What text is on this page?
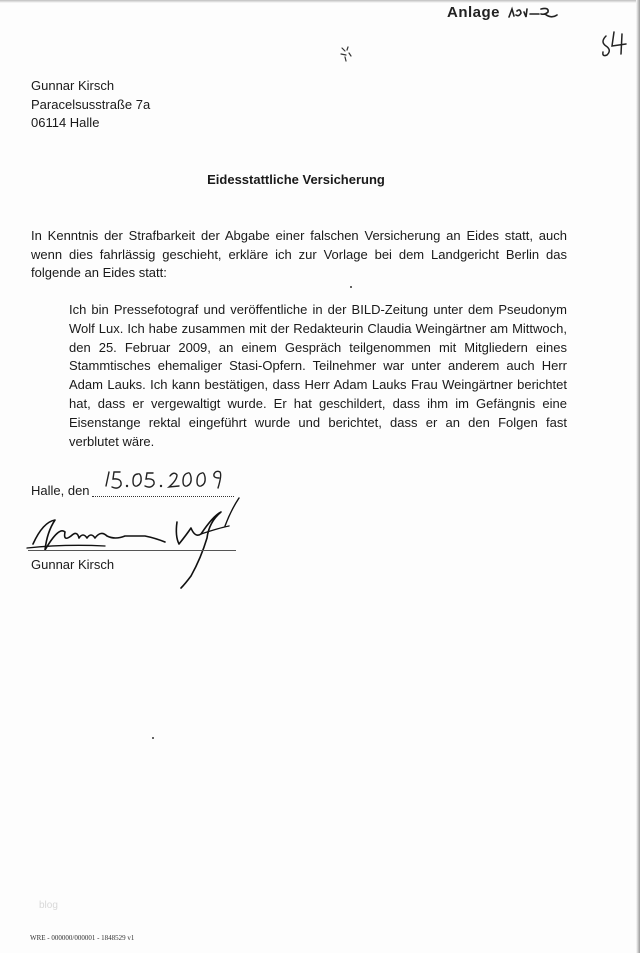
Anlage
Gunnar Kirsch
Paracelsusstraße 7a
06114 Halle
Eidesstattliche Versicherung
In Kenntnis der Strafbarkeit der Abgabe einer falschen Versicherung an Eides statt, auch wenn dies fahrlässig geschieht, erkläre ich zur Vorlage bei dem Landgericht Berlin das folgende an Eides statt:
Ich bin Pressefotograf und veröffentliche in der BILD-Zeitung unter dem Pseudonym Wolf Lux. Ich habe zusammen mit der Redakteurin Claudia Weingärtner am Mittwoch, den 25. Februar 2009, an einem Gespräch teilgenommen mit Mitgliedern eines Stammtisches ehemaliger Stasi-Opfern. Teilnehmer war unter anderem auch Herr Adam Lauks. Ich kann bestätigen, dass Herr Adam Lauks Frau Weingärtner berichtet hat, dass er vergewaltigt wurde. Er hat geschildert, dass ihm im Gefängnis eine Eisenstange rektal eingeführt wurde und berichtet, dass er an den Folgen fast verblutet wäre.
Halle, den
Gunnar Kirsch
blog
WRE - 000000/000001 - 1848529 v1
